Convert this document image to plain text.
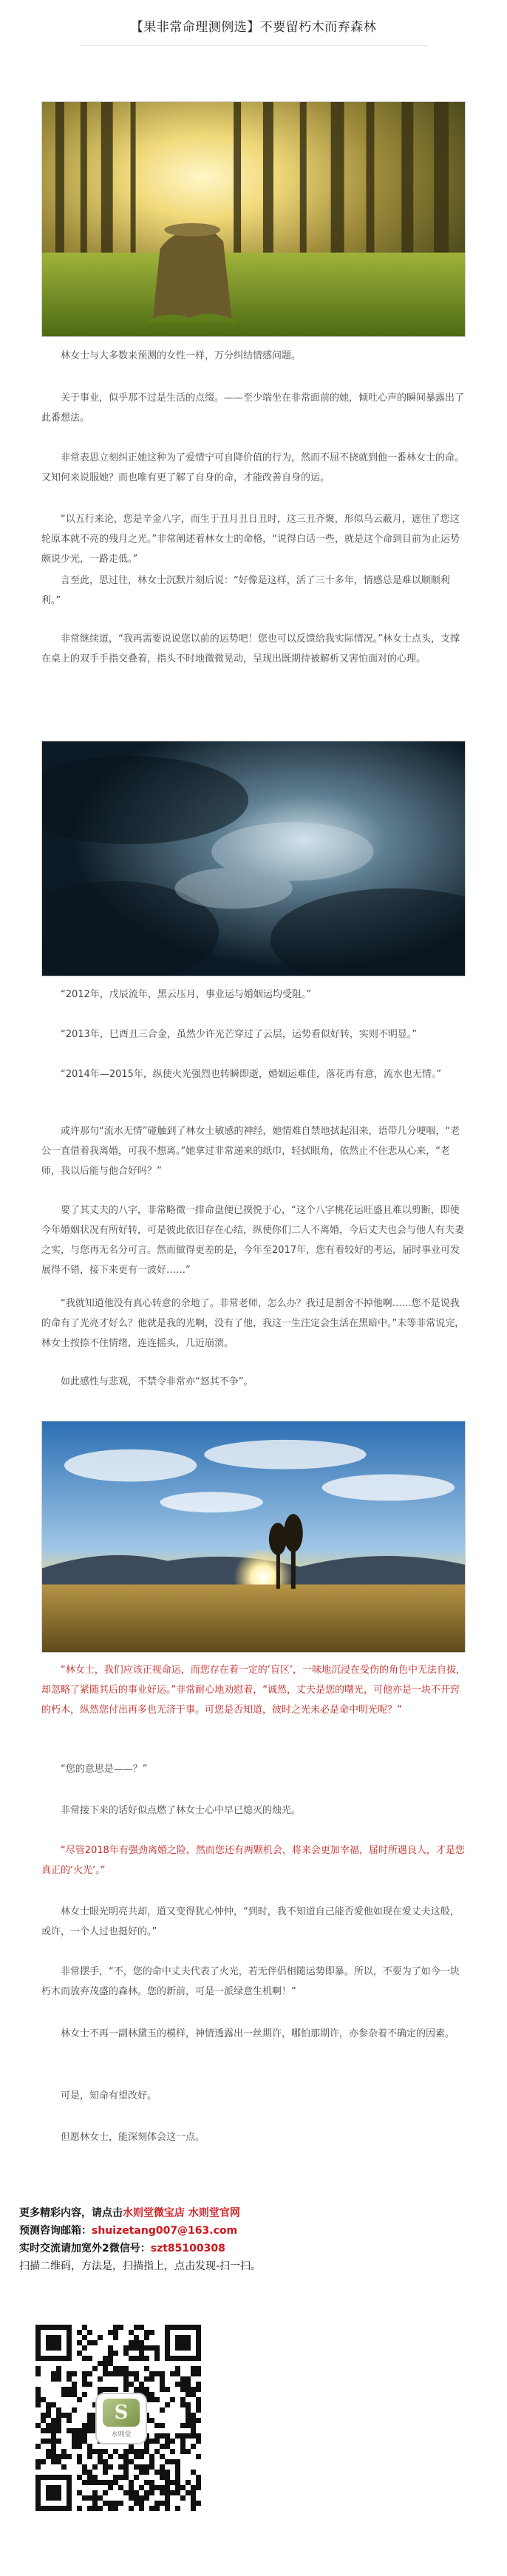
【果非常命理测例选】不要留朽木而弃森林

林女士与大多数来预测的女性一样，万分纠结情感问题。

关于事业，似乎那不过是生活的点缀。——至少端坐在非常面前的她，倾吐心声的瞬间暴露出了此番想法。

非常表思立刻纠正她这种为了爱情宁可自降价值的行为，然而不屈不挠就到他一番林女士的命。又知何来说服她？而也唯有更了解了自身的命，才能改善自身的运。

“以五行来论，您是辛金八字，而生于丑月丑日丑时，这三丑齐聚，形似乌云蔽月，遮住了您这轮原本就不亮的残月之光。”非常阐述着林女士的命格，“说得白话一些，就是这个命到目前为止运势颇说少光，一路走低。”

言至此，思过往，林女士沉默片刻后说：“好像是这样，活了三十多年，情感总是难以顺顺利利。”

非常继续道，“我再需要说说您以前的运势吧！您也可以反馈给我实际情况。”林女士点头，支撑在桌上的双手手指交叠着，指头不时地微微晃动，呈现出既期待被解析又害怕面对的心理。

“2012年，戊辰流年，黑云压月，事业运与婚姻运均受阻。”

“2013年，巳酉丑三合金，虽然少许光芒穿过了云层，运势看似好转，实则不明显。”

“2014年—2015年，纵使火光强烈也转瞬即逝，婚姻运难佳，落花再有意，流水也无情。”

或许那句“流水无情”碰触到了林女士敏感的神经，她情难自禁地拭起泪来，语带几分哽咽，“老公一直借着我离婚，可我不想离。”她拿过非常递来的纸巾，轻拭眼角，依然止不住悲从心来，“老师，我以后能与他合好吗？”

要了其丈夫的八字，非常略微一排命盘便已摸悦于心，“这个八字桃花运旺盛且难以剪断，即使今年婚姻状况有所好转，可是彼此依旧存在心结，纵使你们二人不离婚，今后丈夫也会与他人有夫妻之实，与您再无名分可言。然而做得更差的是，今年至2017年，您有着较好的考运，届时事业可发展得不错，接下来更有一波好……”

“我就知道他没有真心转意的余地了。非常老师，怎么办？我过是割舍不掉他啊……您不是说我的命有了光亮才好么？他就是我的光啊，没有了他，我这一生注定会生活在黑暗中。”未等非常说完，林女士按捺不住情绪，连连摇头，几近崩溃。

如此感性与悲观，不禁令非常亦“怒其不争”。

“林女士，我们应该正视命运，而您存在着一定的‘盲区’，一味地沉浸在受伤的角色中无法自拔，却忽略了紧随其后的事业好运。”非常耐心地劝慰着，“诚然，丈夫是您的曙光，可他亦是一块不开窍的朽木，纵然您付出再多也无济于事。可您是否知道，彼时之光未必是命中明光呢？”

“您的意思是——？”

非常接下来的话好似点燃了林女士心中早已熄灭的烛光。

“尽管2018年有强劲离婚之险，然而您还有两颗机会，将来会更加幸福，届时所遇良人，才是您真正的‘火光’。”

林女士眼光明亮共却，道又变得犹心忡忡，“到时，我不知道自己能否愛他如现在愛丈夫这般，或许，一个人过也挺好的。”

非常摆手，“不，您的命中丈夫代表了火光，若无伴侣相随运势即暴。所以，不要为了如今一块朽木而放弃茂盛的森林。您的新前，可是一派绿意生机啊！”

林女士不再一副林黛玉的模样，神情透露出一丝期许，哪怕那期许，亦参杂着不确定的因素。

可是，知命有望改好。

但愿林女士，能深刻体会这一点。

更多精彩内容，请点击水则堂微宝店 水则堂官网
预测咨询邮箱：shuizetang007@163.com
实时交流请加宽外2微信号：szt85100308
扫描二维码，方法是，扫描指上，点击发现-扫一扫。
S
水则堂
